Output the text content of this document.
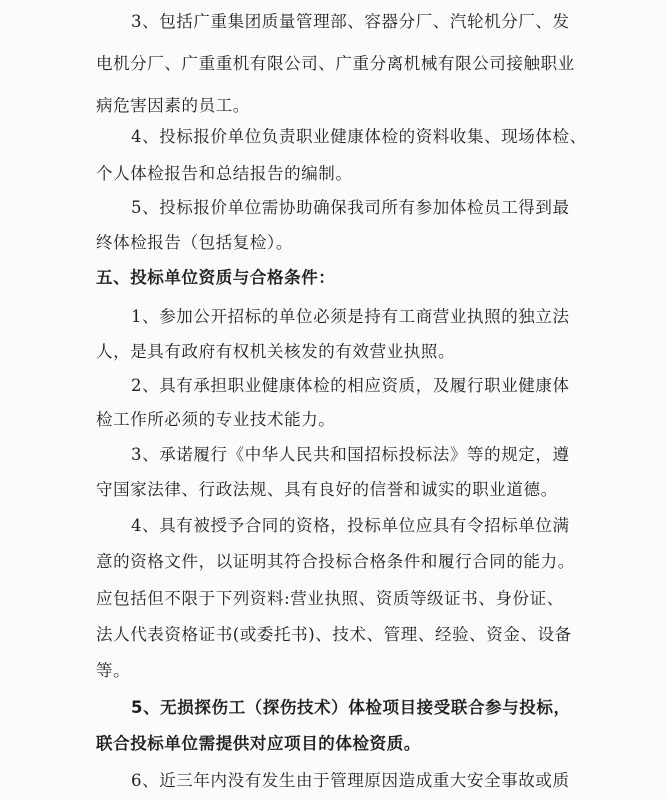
3、包括广重集团质量管理部、容器分厂、汽轮机分厂、发
电机分厂、广重重机有限公司、广重分离机械有限公司接触职业
病危害因素的员工。
4、投标报价单位负责职业健康体检的资料收集、现场体检、
个人体检报告和总结报告的编制。
5、投标报价单位需协助确保我司所有参加体检员工得到最
终体检报告（包括复检）。
五、投标单位资质与合格条件：
1、参加公开招标的单位必须是持有工商营业执照的独立法
人，是具有政府有权机关核发的有效营业执照。
2、具有承担职业健康体检的相应资质，及履行职业健康体
检工作所必须的专业技术能力。
3、承诺履行《中华人民共和国招标投标法》等的规定，遵
守国家法律、行政法规、具有良好的信誉和诚实的职业道德。
4、具有被授予合同的资格，投标单位应具有令招标单位满
意的资格文件，以证明其符合投标合格条件和履行合同的能力。
应包括但不限于下列资料:营业执照、资质等级证书、身份证、
法人代表资格证书(或委托书)、技术、管理、经验、资金、设备
等。
5、无损探伤工（探伤技术）体检项目接受联合参与投标，
联合投标单位需提供对应项目的体检资质。
6、近三年内没有发生由于管理原因造成重大安全事故或质
